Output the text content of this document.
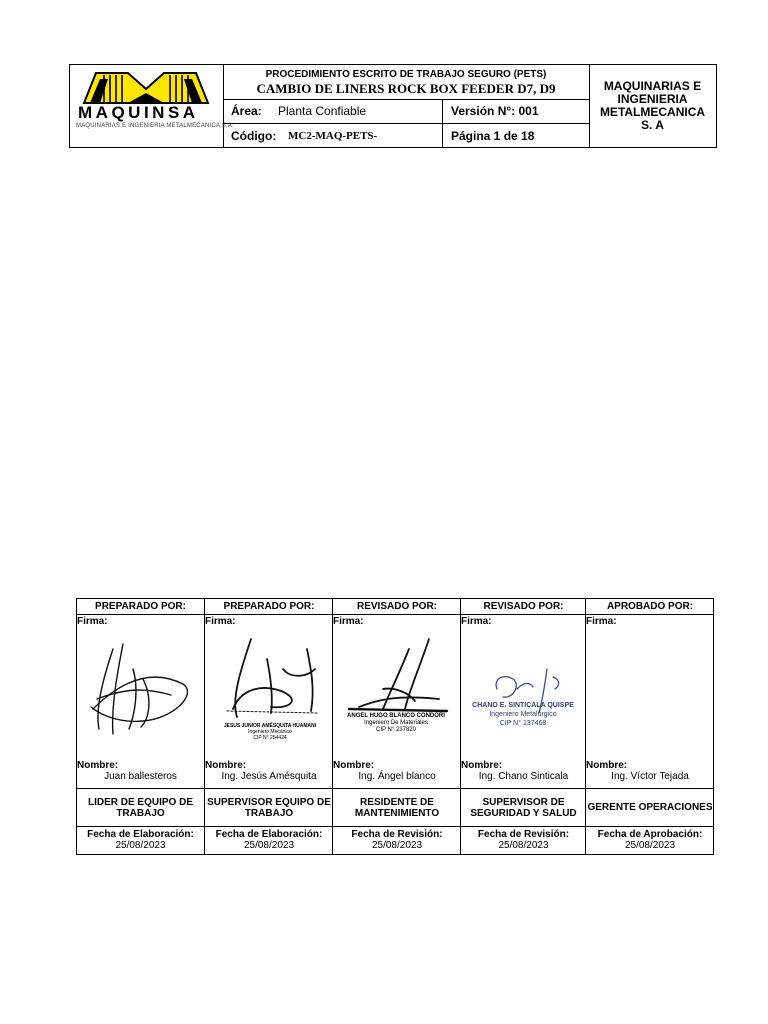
MAQUINSA
MAQUINARIAS E INGENIERIA METALMECANICA S.A.
PROCEDIMIENTO ESCRITO DE TRABAJO SEGURO (PETS)
CAMBIO DE LINERS ROCK BOX FEEDER D7, D9
Área: Planta Confiable	Versión N°: 001
Código: MC2-MAQ-PETS-	Página 1 de 18
MAQUINARIAS E
INGENIERIA
METALMECANICA
S. A
PREPARADO POR:
Firma:
Nombre:
Juan ballesteros
LIDER DE EQUIPO DE TRABAJO
Fecha de Elaboración:
25/08/2023
PREPARADO POR:
Firma:
JESUS JUNIOR AMÉSQUITA HUAMANI
Ingeniero Mecánico
CIP N° 254424
Nombre:
Ing. Jesús Amésquita
SUPERVISOR EQUIPO DE TRABAJO
Fecha de Elaboración:
25/08/2023
REVISADO POR:
Firma:
ANGEL HUGO BLANCO CONDORI
Ingeniero De Materiales
CIP N° 237820
Nombre:
Ing. Ángel blanco
RESIDENTE DE MANTENIMIENTO
Fecha de Revisión:
25/08/2023
REVISADO POR:
Firma:
CHANO E. SINTICALA QUISPE
Ingeniero Metalúrgico
CIP N° 137468
Nombre:
Ing. Chano Sinticala
SUPERVISOR DE SEGURIDAD Y SALUD
Fecha de Revisión:
25/08/2023
APROBADO POR:
Firma:
Nombre:
Ing. Víctor Tejada
GERENTE OPERACIONES
Fecha de Aprobación:
25/08/2023
